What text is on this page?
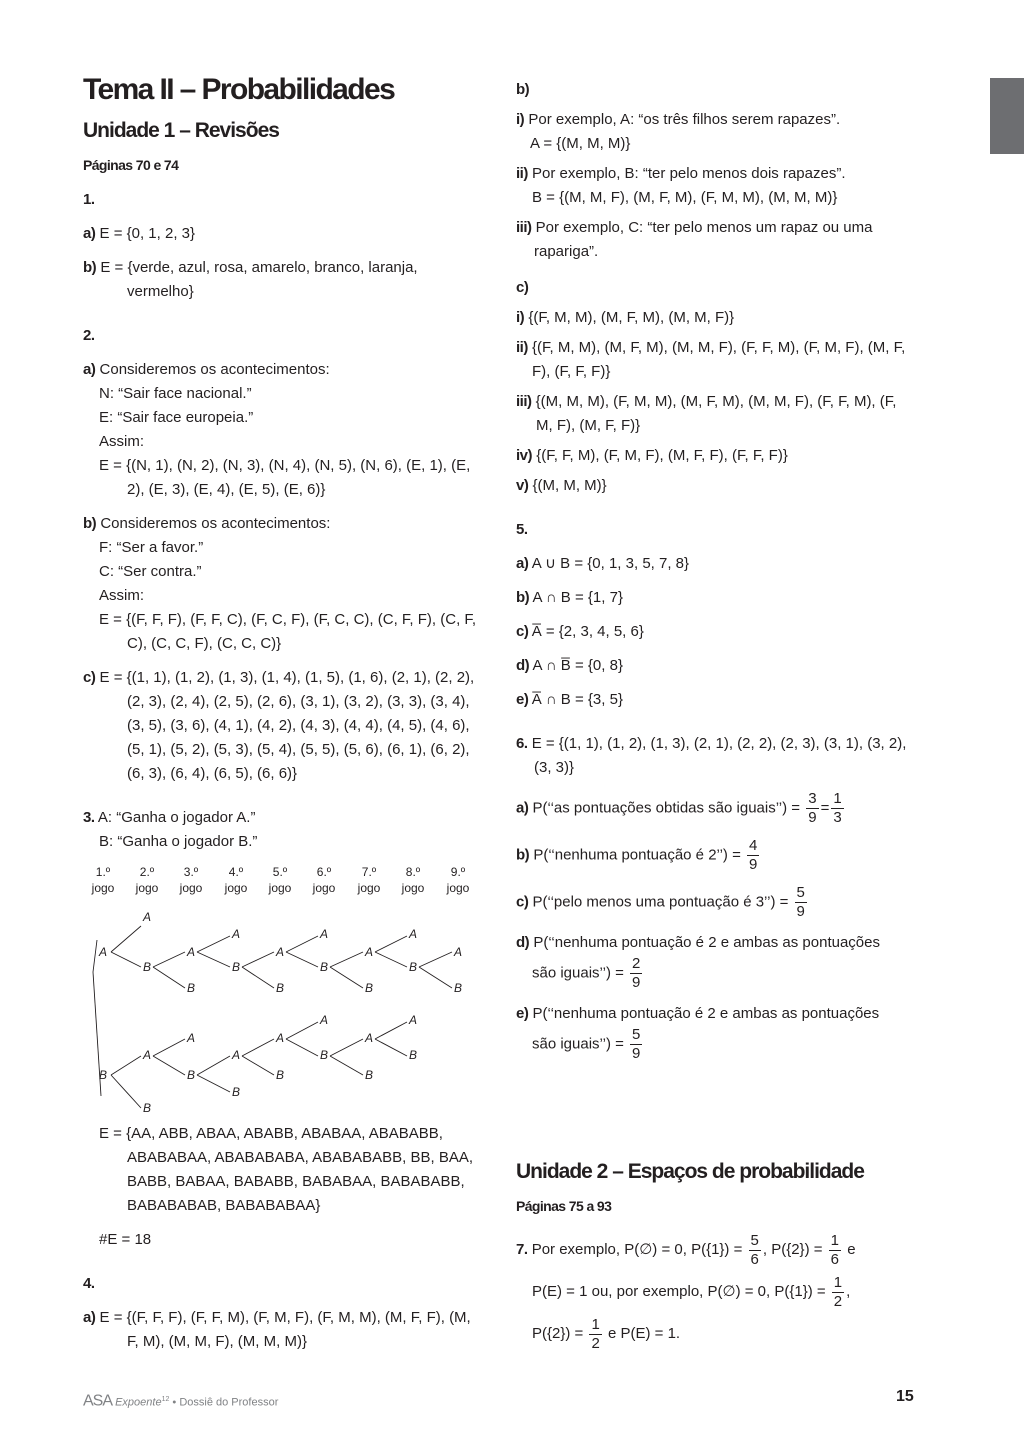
Tema II – Probabilidades
Unidade 1 – Revisões
Páginas 70 e 74
1.
a) E = {0, 1, 2, 3}
b) E = {verde, azul, rosa, amarelo, branco, laranja, vermelho}
2.
a) Consideremos os acontecimentos:
N: “Sair face nacional.”
E: “Sair face europeia.”
Assim:
E = {(N, 1), (N, 2), (N, 3), (N, 4), (N, 5), (N, 6), (E, 1), (E, 2), (E, 3), (E, 4), (E, 5), (E, 6)}
b) Consideremos os acontecimentos:
F: “Ser a favor.”
C: “Ser contra.”
Assim:
E = {(F, F, F), (F, F, C), (F, C, F), (F, C, C), (C, F, F), (C, F, C), (C, C, F), (C, C, C)}
c) E = {(1, 1), (1, 2), (1, 3), (1, 4), (1, 5), (1, 6), (2, 1), (2, 2), (2, 3), (2, 4), (2, 5), (2, 6), (3, 1), (3, 2), (3, 3), (3, 4), (3, 5), (3, 6), (4, 1), (4, 2), (4, 3), (4, 4), (4, 5), (4, 6), (5, 1), (5, 2), (5, 3), (5, 4), (5, 5), (5, 6), (6, 1), (6, 2), (6, 3), (6, 4), (6, 5), (6, 6)}
3. A: “Ganha o jogador A.”
B: “Ganha o jogador B.”
1.º
jogo
2.º
jogo
3.º
jogo
4.º
jogo
5.º
jogo
6.º
jogo
7.º
jogo
8.º
jogo
9.º
jogo
A
A
B
A
A
B
B
A
A
B
B
A
A
B
B
A
B
B
A
B
A
B
A
B
A
B
A
B
A
B
A
B
E = {AA, ABB, ABAA, ABABB, ABABAA, ABABABB, ABABABAA, ABABABABA, ABABABABB, BB, BAA, BABB, BABAA, BABABB, BABABAA, BABABABB, BABABABAB, BABABABAA}
#E = 18
4.
a) E = {(F, F, F), (F, F, M), (F, M, F), (F, M, M), (M, F, F), (M, F, M), (M, M, F), (M, M, M)}
b)
i) Por exemplo, A: “os três filhos serem rapazes”.
A = {(M, M, M)}
ii) Por exemplo, B: “ter pelo menos dois rapazes”.
B = {(M, M, F), (M, F, M), (F, M, M), (M, M, M)}
iii) Por exemplo, C: “ter pelo menos um rapaz ou uma rapariga”.
c)
i) {(F, M, M), (M, F, M), (M, M, F)}
ii) {(F, M, M), (M, F, M), (M, M, F), (F, F, M), (F, M, F), (M, F, F), (F, F, F)}
iii) {(M, M, M), (F, M, M), (M, F, M), (M, M, F), (F, F, M), (F, M, F), (M, F, F)}
iv) {(F, F, M), (F, M, F), (M, F, F), (F, F, F)}
v) {(M, M, M)}
5.
a) A ∪ B = {0, 1, 3, 5, 7, 8}
b) A ∩ B = {1, 7}
c) A̅ = {2, 3, 4, 5, 6}
d) A ∩ B̅ = {0, 8}
e) A̅ ∩ B = {3, 5}
6. E = {(1, 1), (1, 2), (1, 3), (2, 1), (2, 2), (2, 3), (3, 1), (3, 2), (3, 3)}
a) P(‘‘as pontuações obtidas são iguais’’) = $\frac{3}{9} = \frac{1}{3}$
b) P(‘‘nenhuma pontuação é 2’’) = $\frac{4}{9}$
c) P(‘‘pelo menos uma pontuação é 3’’) = $\frac{5}{9}$
d) P(‘‘nenhuma pontuação é 2 e ambas as pontuações
são iguais’’) = $\frac{2}{9}$
e) P(‘‘nenhuma pontuação é 2 e ambas as pontuações
são iguais’’) = $\frac{5}{9}$
Unidade 2 – Espaços de probabilidade
Páginas 75 a 93
7. Por exemplo, P(∅) = 0, $P(\{1\}) = \frac{5}{6}$ , $P(\{2\}) = \frac{1}{6}$ e
P(E) = 1 ou, por exemplo, P(∅) = 0, $P(\{1\}) = \frac{1}{2}$ ,
$P(\{2\}) = \frac{1}{2}$ e P(E) = 1.
ASA Expoente$^{12}$ • Dossiê do Professor	15
